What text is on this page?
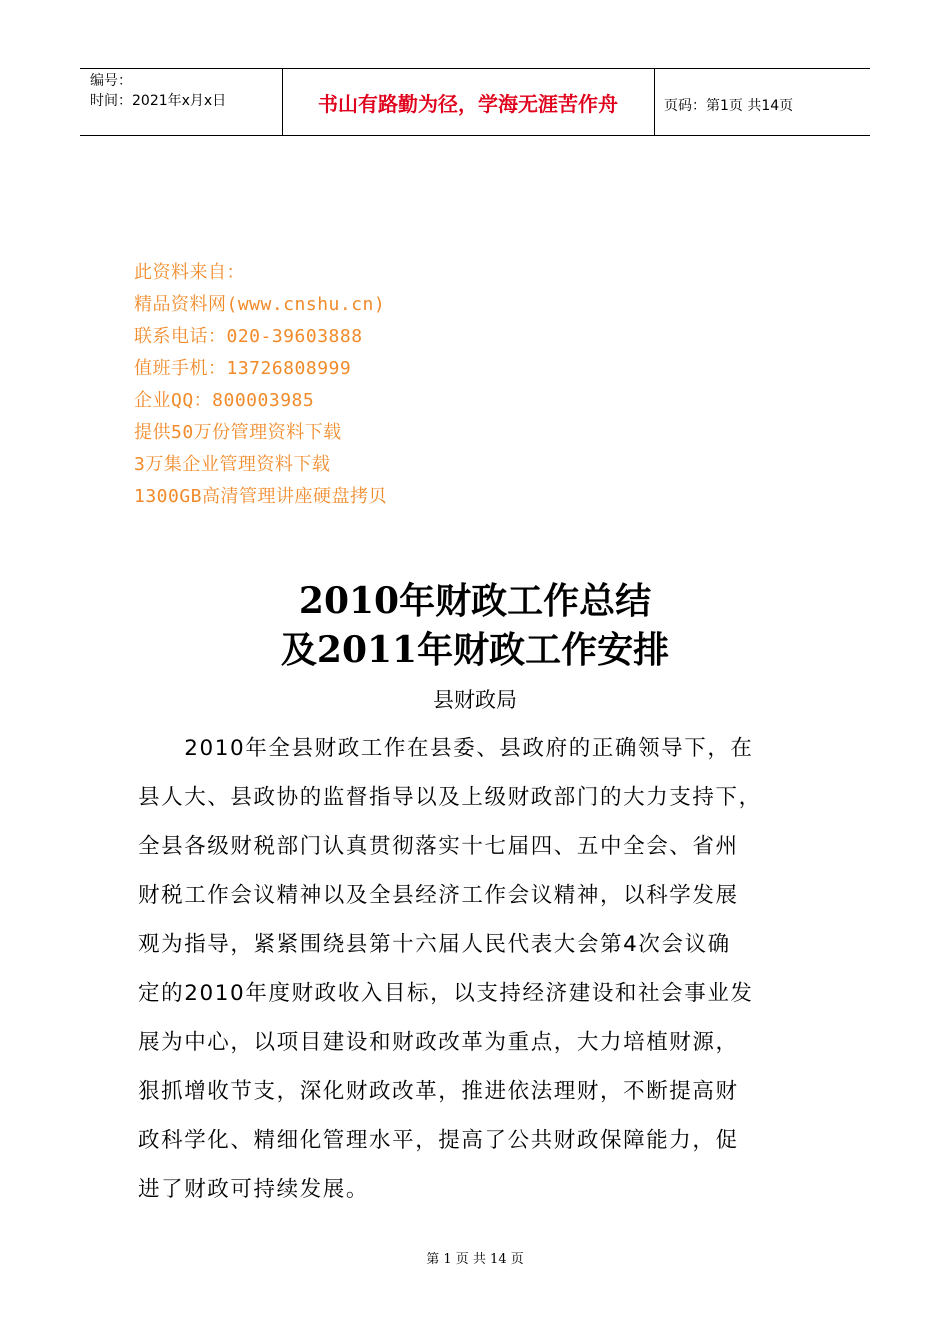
编号：
时间：2021年x月x日	书山有路勤为径，学海无涯苦作舟	页码：第1页 共14页
此资料来自：
精品资料网(www.cnshu.cn)
联系电话：020-39603888
值班手机：13726808999
企业QQ：800003985
提供50万份管理资料下载
3万集企业管理资料下载
1300GB高清管理讲座硬盘拷贝
2010年财政工作总结
及2011年财政工作安排
县财政局
　　2010年全县财政工作在县委、县政府的正确领导下，在
县人大、县政协的监督指导以及上级财政部门的大力支持下，
全县各级财税部门认真贯彻落实十七届四、五中全会、省州
财税工作会议精神以及全县经济工作会议精神，以科学发展
观为指导，紧紧围绕县第十六届人民代表大会第4次会议确
定的2010年度财政收入目标，以支持经济建设和社会事业发
展为中心，以项目建设和财政改革为重点，大力培植财源，
狠抓增收节支，深化财政改革，推进依法理财，不断提高财
政科学化、精细化管理水平，提高了公共财政保障能力，促
进了财政可持续发展。
第 1 页 共 14 页
